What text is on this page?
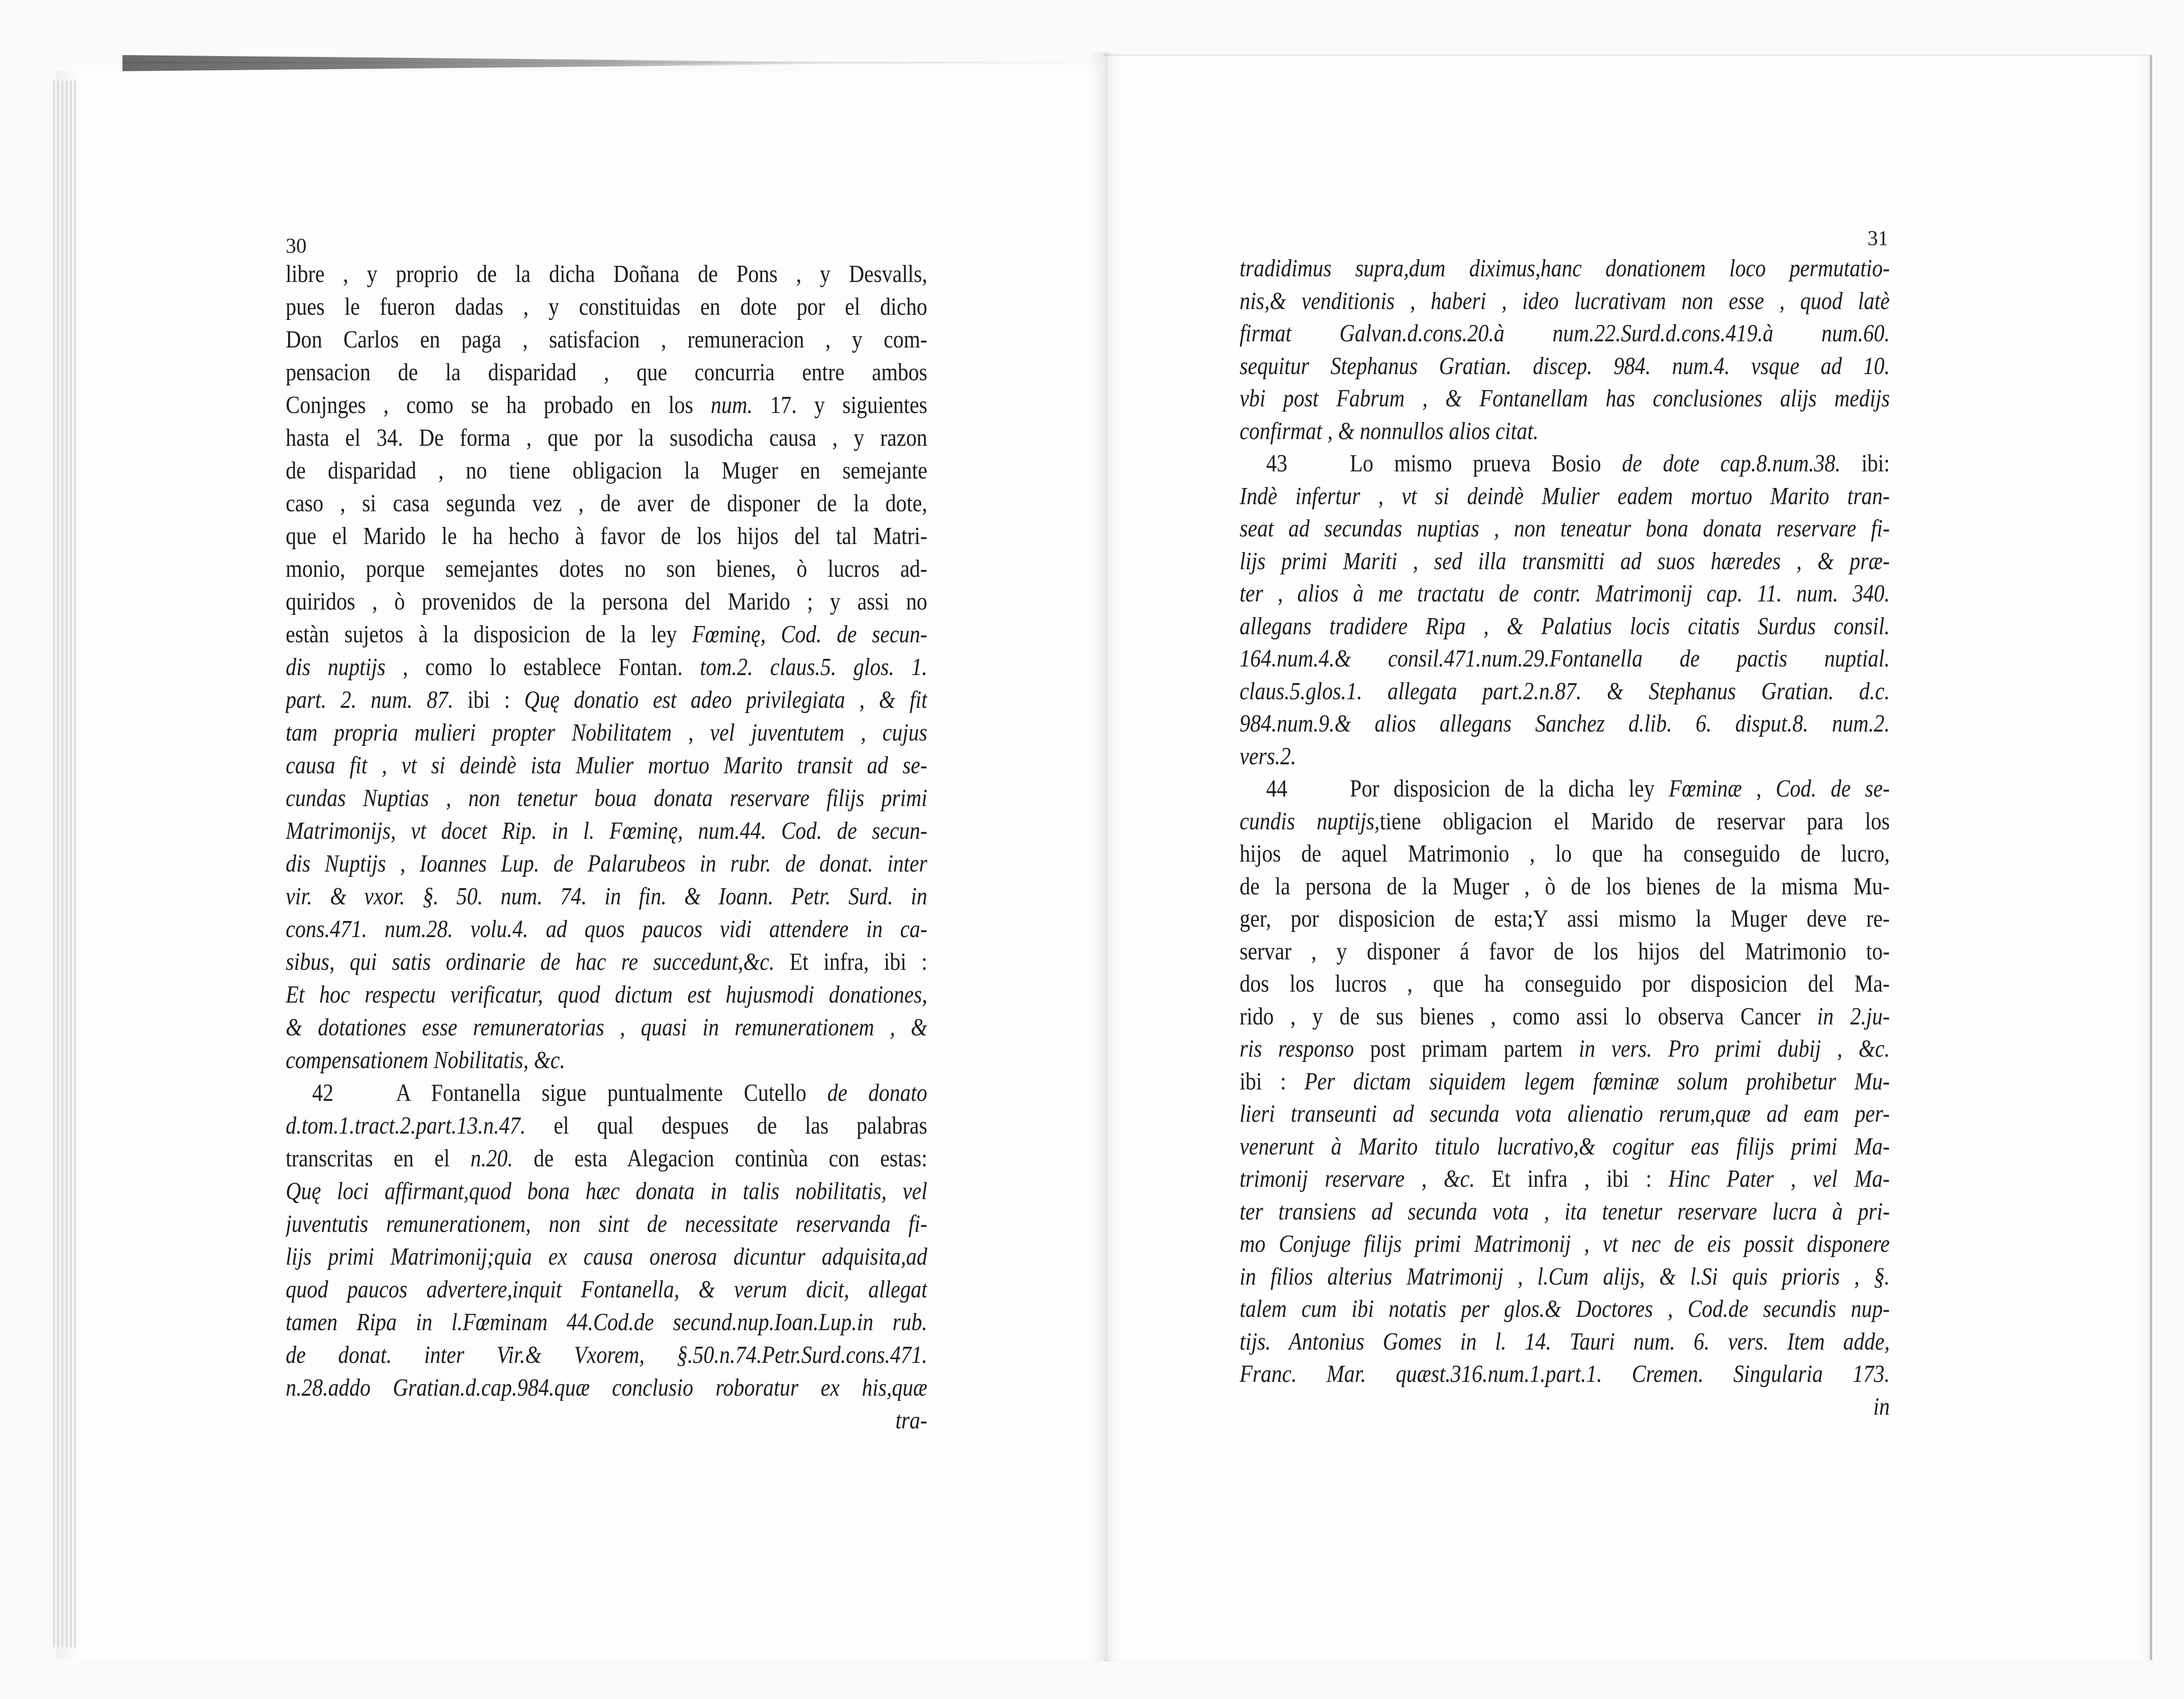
30	31
libre , y proprio de la dicha Doñana de Pons , y Desvalls,
pues le fueron dadas , y constituidas en dote por el dicho
Don Carlos en paga , satisfacion , remuneracion , y com-
pensacion de la disparidad , que concurria entre ambos
Conjnges , como se ha probado en los num. 17. y siguientes
hasta el 34. De forma , que por la susodicha causa , y razon
de disparidad , no tiene obligacion la Muger en semejante
caso , si casa segunda vez , de aver de disponer de la dote,
que el Marido le ha hecho à favor de los hijos del tal Matri-
monio, porque semejantes dotes no son bienes, ò lucros ad-
quiridos , ò provenidos de la persona del Marido ; y assi no
estàn sujetos à la disposicion de la ley Fœminę, Cod. de secun-
dis nuptijs , como lo establece Fontan. tom.2. claus.5. glos. 1.
part. 2. num. 87. ibi : Quę donatio est adeo privilegiata , & fit
tam propria mulieri propter Nobilitatem , vel juventutem , cujus
causa fit , vt si deindè ista Mulier mortuo Marito transit ad se-
cundas Nuptias , non tenetur boua donata reservare filijs primi
Matrimonijs, vt docet Rip. in l. Fœminę, num.44. Cod. de secun-
dis Nuptijs , Ioannes Lup. de Palarubeos in rubr. de donat. inter
vir. & vxor. §. 50. num. 74. in fin. & Ioann. Petr. Surd. in
cons.471. num.28. volu.4. ad quos paucos vidi attendere in ca-
sibus, qui satis ordinarie de hac re succedunt,&c. Et infra, ibi :
Et hoc respectu verificatur, quod dictum est hujusmodi donationes,
& dotationes esse remuneratorias , quasi in remunerationem , &
compensationem Nobilitatis, &c.
42	A Fontanella sigue puntualmente Cutello de donato
d.tom.1.tract.2.part.13.n.47. el qual despues de las palabras
transcritas en el n.20. de esta Alegacion continùa con estas:
Quę loci affirmant,quod bona hæc donata in talis nobilitatis, vel
juventutis remunerationem, non sint de necessitate reservanda fi-
lijs primi Matrimonij;quia ex causa onerosa dicuntur adquisita,ad
quod paucos advertere,inquit Fontanella, & verum dicit, allegat
tamen Ripa in l.Fœminam 44.Cod.de secund.nup.Ioan.Lup.in rub.
de donat. inter Vir.& Vxorem, §.50.n.74.Petr.Surd.cons.471.
n.28.addo Gratian.d.cap.984.quæ conclusio roboratur ex his,quæ
tra-
tradidimus supra,dum diximus,hanc donationem loco permutatio-
nis,& venditionis , haberi , ideo lucrativam non esse , quod latè
firmat Galvan.d.cons.20.à num.22.Surd.d.cons.419.à num.60.
sequitur Stephanus Gratian. discep. 984. num.4. vsque ad 10.
vbi post Fabrum , & Fontanellam has conclusiones alijs medijs
confirmat , & nonnullos alios citat.
43	Lo mismo prueva Bosio de dote cap.8.num.38. ibi:
Indè infertur , vt si deindè Mulier eadem mortuo Marito tran-
seat ad secundas nuptias , non teneatur bona donata reservare fi-
lijs primi Mariti , sed illa transmitti ad suos hæredes , & præ-
ter , alios à me tractatu de contr. Matrimonij cap. 11. num. 340.
allegans tradidere Ripa , & Palatius locis citatis Surdus consil.
164.num.4.& consil.471.num.29.Fontanella de pactis nuptial.
claus.5.glos.1. allegata part.2.n.87. & Stephanus Gratian. d.c.
984.num.9.& alios allegans Sanchez d.lib. 6. disput.8. num.2.
vers.2.
44	Por disposicion de la dicha ley Fœminæ , Cod. de se-
cundis nuptijs,tiene obligacion el Marido de reservar para los
hijos de aquel Matrimonio , lo que ha conseguido de lucro,
de la persona de la Muger , ò de los bienes de la misma Mu-
ger, por disposicion de esta;Y assi mismo la Muger deve re-
servar , y disponer á favor de los hijos del Matrimonio to-
dos los lucros , que ha conseguido por disposicion del Ma-
rido , y de sus bienes , como assi lo observa Cancer in 2.ju-
ris responso post primam partem in vers. Pro primi dubij , &c.
ibi : Per dictam siquidem legem fœminæ solum prohibetur Mu-
lieri transeunti ad secunda vota alienatio rerum,quæ ad eam per-
venerunt à Marito titulo lucrativo,& cogitur eas filijs primi Ma-
trimonij reservare , &c. Et infra , ibi : Hinc Pater , vel Ma-
ter transiens ad secunda vota , ita tenetur reservare lucra à pri-
mo Conjuge filijs primi Matrimonij , vt nec de eis possit disponere
in filios alterius Matrimonij , l.Cum alijs, & l.Si quis prioris , §.
talem cum ibi notatis per glos.& Doctores , Cod.de secundis nup-
tijs. Antonius Gomes in l. 14. Tauri num. 6. vers. Item adde,
Franc. Mar. quæst.316.num.1.part.1. Cremen. Singularia 173.
in
